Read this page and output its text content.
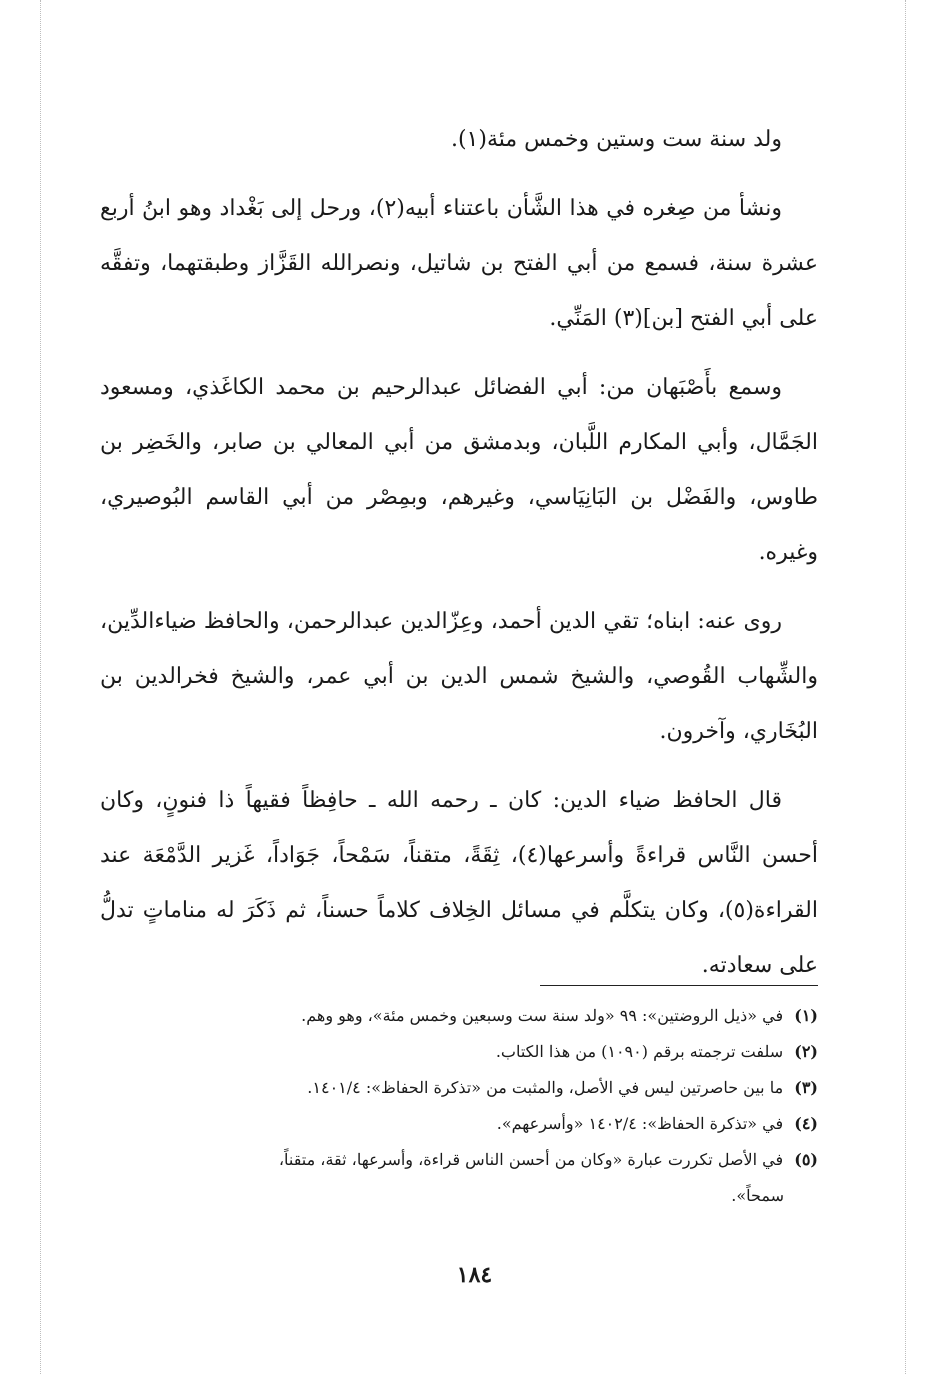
ولد سنة ست وستين وخمس مئة(١).

ونشأ من صِغره في هذا الشَّأن باعتناء أبيه(٢)، ورحل إلى بَغْداد وهو ابنُ أربع عشرة سنة، فسمع من أبي الفتح بن شاتيل، ونصرالله القَزَّاز وطبقتهما، وتفقَّه على أبي الفتح [بن](٣) المَنِّي.

وسمع بأَصْبَهان من: أبي الفضائل عبدالرحيم بن محمد الكاغَذي، ومسعود الجَمَّال، وأبي المكارم اللَّبان، وبدمشق من أبي المعالي بن صابر، والخَضِر بن طاوس، والفَضْل بن البَانِيَاسي، وغيرهم، وبمِصْر من أبي القاسم البُوصيري، وغيره.

روى عنه: ابناه؛ تقي الدين أحمد، وعِزّالدين عبدالرحمن، والحافظ ضياءالدِّين، والشِّهاب القُوصي، والشيخ شمس الدين بن أبي عمر، والشيخ فخرالدين بن البُخَاري، وآخرون.

قال الحافظ ضياء الدين: كان ـ رحمه الله ـ حافِظاً فقيهاً ذا فنونٍ، وكان أحسن النَّاس قراءةً وأسرعها(٤)، ثِقَةً، متقناً، سَمْحاً، جَوَاداً، غَزير الدَّمْعَة عند القراءة(٥)، وكان يتكلَّم في مسائل الخِلاف كلاماً حسناً، ثم ذَكَرَ له مناماتٍ تدلُّ على سعادته.

(١) في «ذيل الروضتين»: ٩٩ «ولد سنة ست وسبعين وخمس مئة»، وهو وهم.

(٢) سلفت ترجمته برقم (١٠٩٠) من هذا الكتاب.

(٣) ما بين حاصرتين ليس في الأصل، والمثبت من «تذكرة الحفاظ»: ١٤٠١/٤.

(٤) في «تذكرة الحفاظ»: ١٤٠٢/٤ «وأسرعهم».

(٥) في الأصل تكررت عبارة «وكان من أحسن الناس قراءة، وأسرعها، ثقة، متقناً،

سمحاً».

١٨٤
